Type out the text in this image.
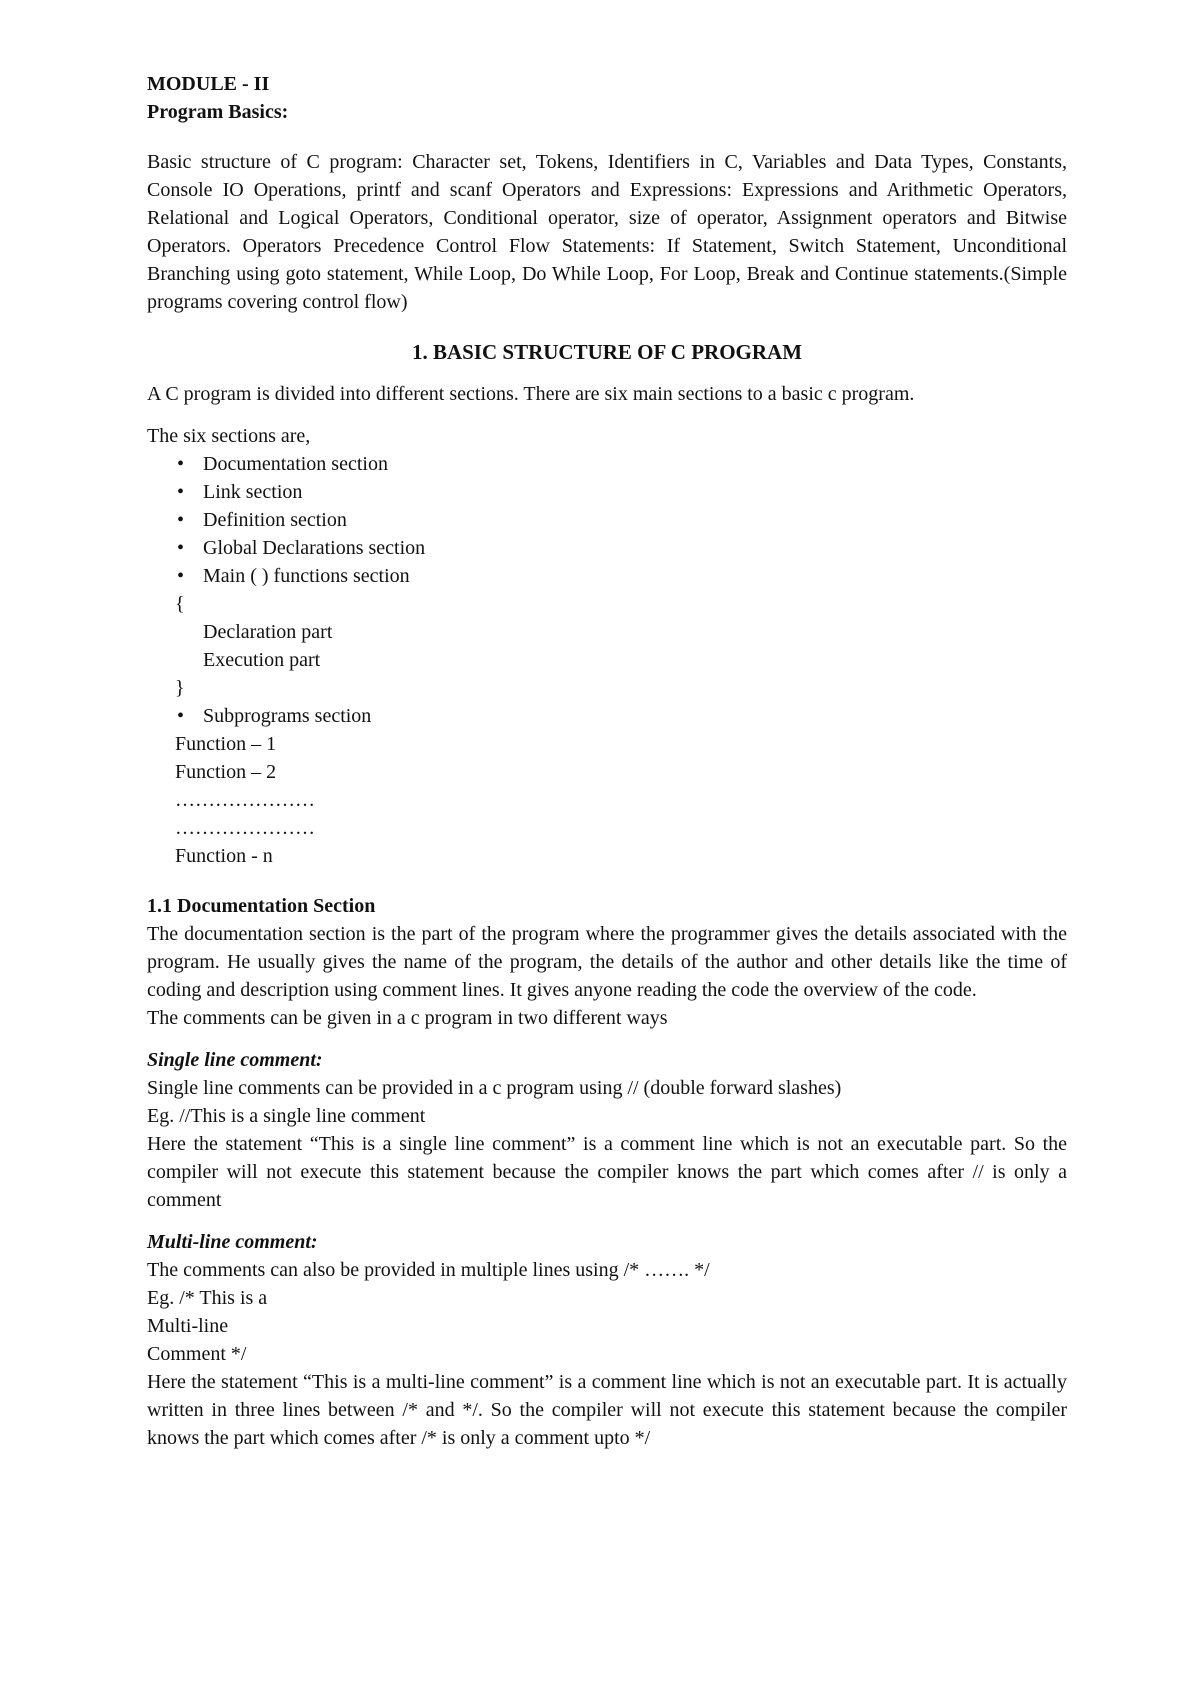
MODULE - II

Program Basics:

Basic structure of C program: Character set, Tokens, Identifiers in C, Variables and Data Types, Constants, Console IO Operations, printf and scanf Operators and Expressions: Expressions and Arithmetic Operators, Relational and Logical Operators, Conditional operator, size of operator, Assignment operators and Bitwise Operators. Operators Precedence Control Flow Statements: If Statement, Switch Statement, Unconditional Branching using goto statement, While Loop, Do While Loop, For Loop, Break and Continue statements.(Simple programs covering control flow)

1. BASIC STRUCTURE OF C PROGRAM

A C program is divided into different sections. There are six main sections to a basic c program.

The six sections are,

• Documentation section
• Link section
• Definition section
• Global Declarations section
• Main ( ) functions section
{
Declaration part
Execution part
}
• Subprograms section
Function – 1
Function – 2
…………………
…………………
Function - n

1.1 Documentation Section

The documentation section is the part of the program where the programmer gives the details associated with the program. He usually gives the name of the program, the details of the author and other details like the time of coding and description using comment lines. It gives anyone reading the code the overview of the code.

The comments can be given in a c program in two different ways

Single line comment:

Single line comments can be provided in a c program using // (double forward slashes)

Eg. //This is a single line comment

Here the statement “This is a single line comment” is a comment line which is not an executable part. So the compiler will not execute this statement because the compiler knows the part which comes after // is only a comment

Multi-line comment:

The comments can also be provided in multiple lines using /* ……. */

Eg. /* This is a

Multi-line

Comment */

Here the statement “This is a multi-line comment” is a comment line which is not an executable part. It is actually written in three lines between /* and */. So the compiler will not execute this statement because the compiler knows the part which comes after /* is only a comment upto */
